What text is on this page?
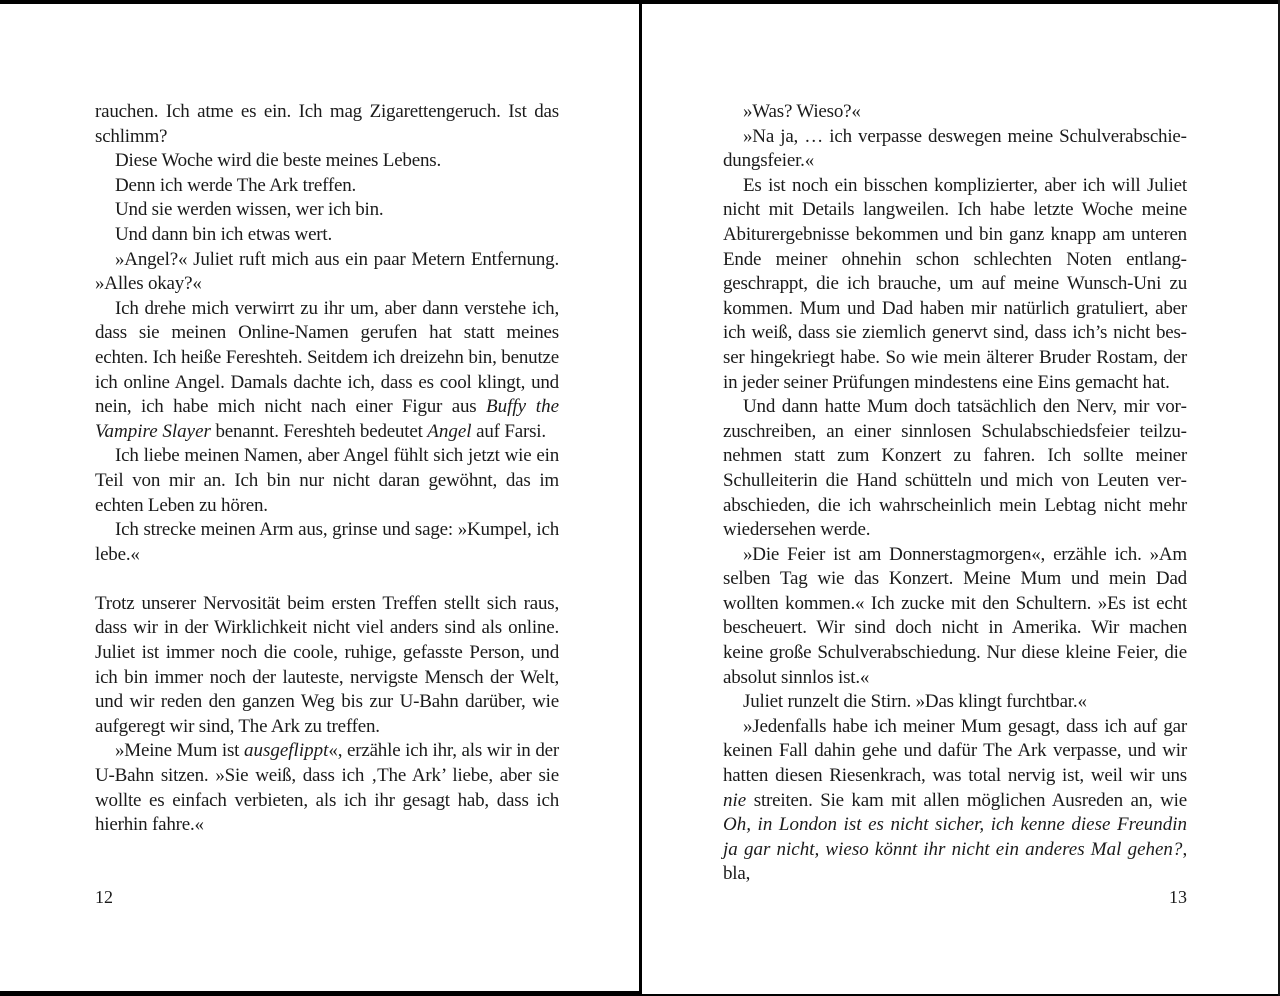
rauchen. Ich atme es ein. Ich mag Zigarettengeruch. Ist das schlimm?

Diese Woche wird die beste meines Lebens.

Denn ich werde The Ark treffen.

Und sie werden wissen, wer ich bin.

Und dann bin ich etwas wert.

»Angel?« Juliet ruft mich aus ein paar Metern Entfernung. »Alles okay?«

Ich drehe mich verwirrt zu ihr um, aber dann verstehe ich, dass sie meinen Online-Namen gerufen hat statt meines echten. Ich heiße Fereshteh. Seitdem ich dreizehn bin, benutze ich online Angel. Damals dachte ich, dass es cool klingt, und nein, ich habe mich nicht nach einer Figur aus Buffy the Vampire Slayer benannt. Fereshteh bedeutet Angel auf Farsi.

Ich liebe meinen Namen, aber Angel fühlt sich jetzt wie ein Teil von mir an. Ich bin nur nicht daran gewöhnt, das im echten Leben zu hören.

Ich strecke meinen Arm aus, grinse und sage: »Kumpel, ich lebe.«

Trotz unserer Nervosität beim ersten Treffen stellt sich raus, dass wir in der Wirklichkeit nicht viel anders sind als online. Juliet ist immer noch die coole, ruhige, gefasste Person, und ich bin immer noch der lauteste, nervigste Mensch der Welt, und wir reden den ganzen Weg bis zur U-Bahn darüber, wie aufgeregt wir sind, The Ark zu treffen.

»Meine Mum ist ausgeflippt«, erzähle ich ihr, als wir in der U-Bahn sitzen. »Sie weiß, dass ich ‚The Ark’ liebe, aber sie wollte es einfach verbieten, als ich ihr gesagt hab, dass ich hierhin fahre.«

12

»Was? Wieso?«

»Na ja, … ich verpasse deswegen meine Schulverabschiedungsfeier.«

Es ist noch ein bisschen komplizierter, aber ich will Juliet nicht mit Details langweilen. Ich habe letzte Woche meine Abiturergebnisse bekommen und bin ganz knapp am unteren Ende meiner ohnehin schon schlechten Noten entlanggeschrappt, die ich brauche, um auf meine Wunsch-Uni zu kommen. Mum und Dad haben mir natürlich gratuliert, aber ich weiß, dass sie ziemlich genervt sind, dass ich’s nicht besser hingekriegt habe. So wie mein älterer Bruder Rostam, der in jeder seiner Prüfungen mindestens eine Eins gemacht hat.

Und dann hatte Mum doch tatsächlich den Nerv, mir vorzuschreiben, an einer sinnlosen Schulabschiedsfeier teilzunehmen statt zum Konzert zu fahren. Ich sollte meiner Schulleiterin die Hand schütteln und mich von Leuten verabschieden, die ich wahrscheinlich mein Lebtag nicht mehr wiedersehen werde.

»Die Feier ist am Donnerstagmorgen«, erzähle ich. »Am selben Tag wie das Konzert. Meine Mum und mein Dad wollten kommen.« Ich zucke mit den Schultern. »Es ist echt bescheuert. Wir sind doch nicht in Amerika. Wir machen keine große Schulverabschiedung. Nur diese kleine Feier, die absolut sinnlos ist.«

Juliet runzelt die Stirn. »Das klingt furchtbar.«

»Jedenfalls habe ich meiner Mum gesagt, dass ich auf gar keinen Fall dahin gehe und dafür The Ark verpasse, und wir hatten diesen Riesenkrach, was total nervig ist, weil wir uns nie streiten. Sie kam mit allen möglichen Ausreden an, wie Oh, in London ist es nicht sicher, ich kenne diese Freundin ja gar nicht, wieso könnt ihr nicht ein anderes Mal gehen?, bla,

13
